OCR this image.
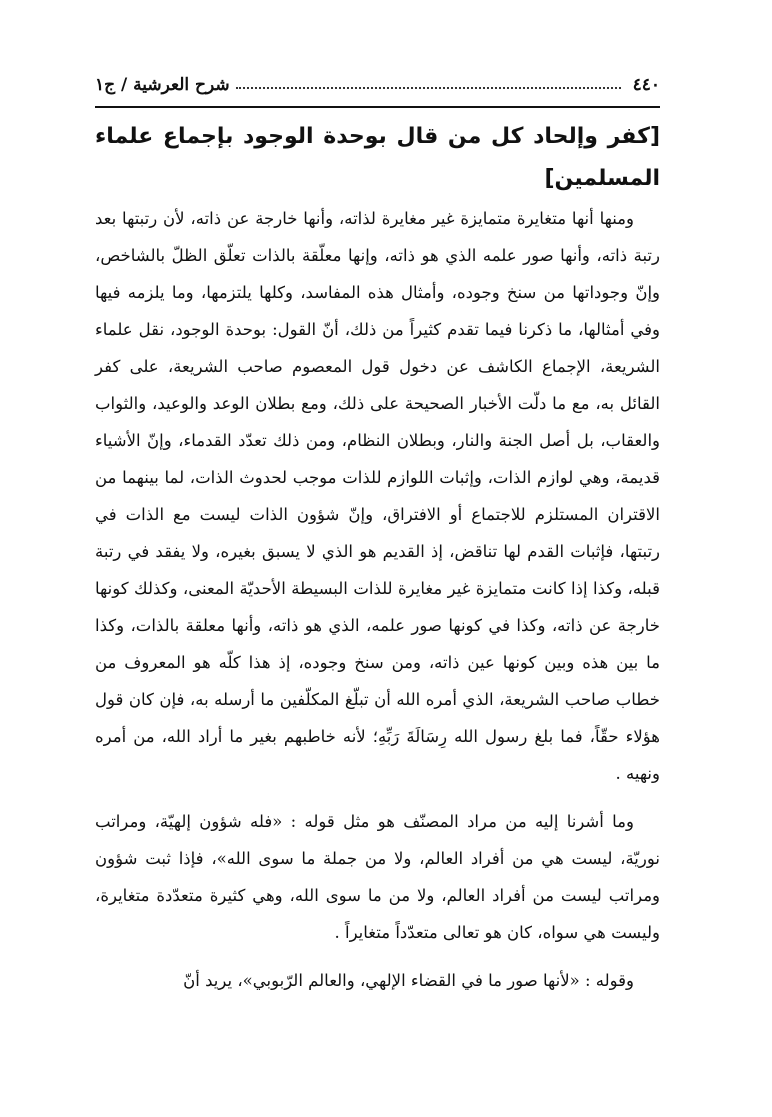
٤٤٠
شرح العرشية / ج١
[كفر وإلحاد كل من قال بوحدة الوجود بإجماع علماء المسلمين]

ومنها أنها متغايرة متمايزة غير مغايرة لذاته، وأنها خارجة عن ذاته، لأن رتبتها بعد رتبة ذاته، وأنها صور علمه الذي هو ذاته، وإنها معلّقة بالذات تعلّق الظلّ بالشاخص، وإنّ وجوداتها من سنخ وجوده، وأمثال هذه المفاسد، وكلها يلتزمها، وما يلزمه فيها وفي أمثالها، ما ذكرنا فيما تقدم كثيراً من ذلك، أنّ القول: بوحدة الوجود، نقل علماء الشريعة، الإجماع الكاشف عن دخول قول المعصوم صاحب الشريعة، على كفر القائل به، مع ما دلّت الأخبار الصحيحة على ذلك، ومع بطلان الوعد والوعيد، والثواب والعقاب، بل أصل الجنة والنار، وبطلان النظام، ومن ذلك تعدّد القدماء، وإنّ الأشياء قديمة، وهي لوازم الذات، وإثبات اللوازم للذات موجب لحدوث الذات، لما بينهما من الاقتران المستلزم للاجتماع أو الافتراق، وإنّ شؤون الذات ليست مع الذات في رتبتها، فإثبات القدم لها تناقض، إذ القديم هو الذي لا يسبق بغيره، ولا يفقد في رتبة قبله، وكذا إذا كانت متمايزة غير مغايرة للذات البسيطة الأحديّة المعنى، وكذلك كونها خارجة عن ذاته، وكذا في كونها صور علمه، الذي هو ذاته، وأنها معلقة بالذات، وكذا ما بين هذه وبين كونها عين ذاته، ومن سنخ وجوده، إذ هذا كلّه هو المعروف من خطاب صاحب الشريعة، الذي أمره الله أن تبلّغ المكلّفين ما أرسله به، فإن كان قول هؤلاء حقّاً، فما بلغ رسول الله رِسَالَةَ رَبِّهِ؛ لأنه خاطبهم بغير ما أراد الله، من أمره ونهيه .

وما أشرنا إليه من مراد المصنّف هو مثل قوله : «فله شؤون إلهيّة، ومراتب نوريّة، ليست هي من أفراد العالم، ولا من جملة ما سوى الله»، فإذا ثبت شؤون ومراتب ليست من أفراد العالم، ولا من ما سوى الله، وهي كثيرة متعدّدة متغايرة، وليست هي سواه، كان هو تعالى متعدّداً متغايراً .

وقوله : «لأنها صور ما في القضاء الإلهي، والعالم الرّبوبي»، يريد أنّ
